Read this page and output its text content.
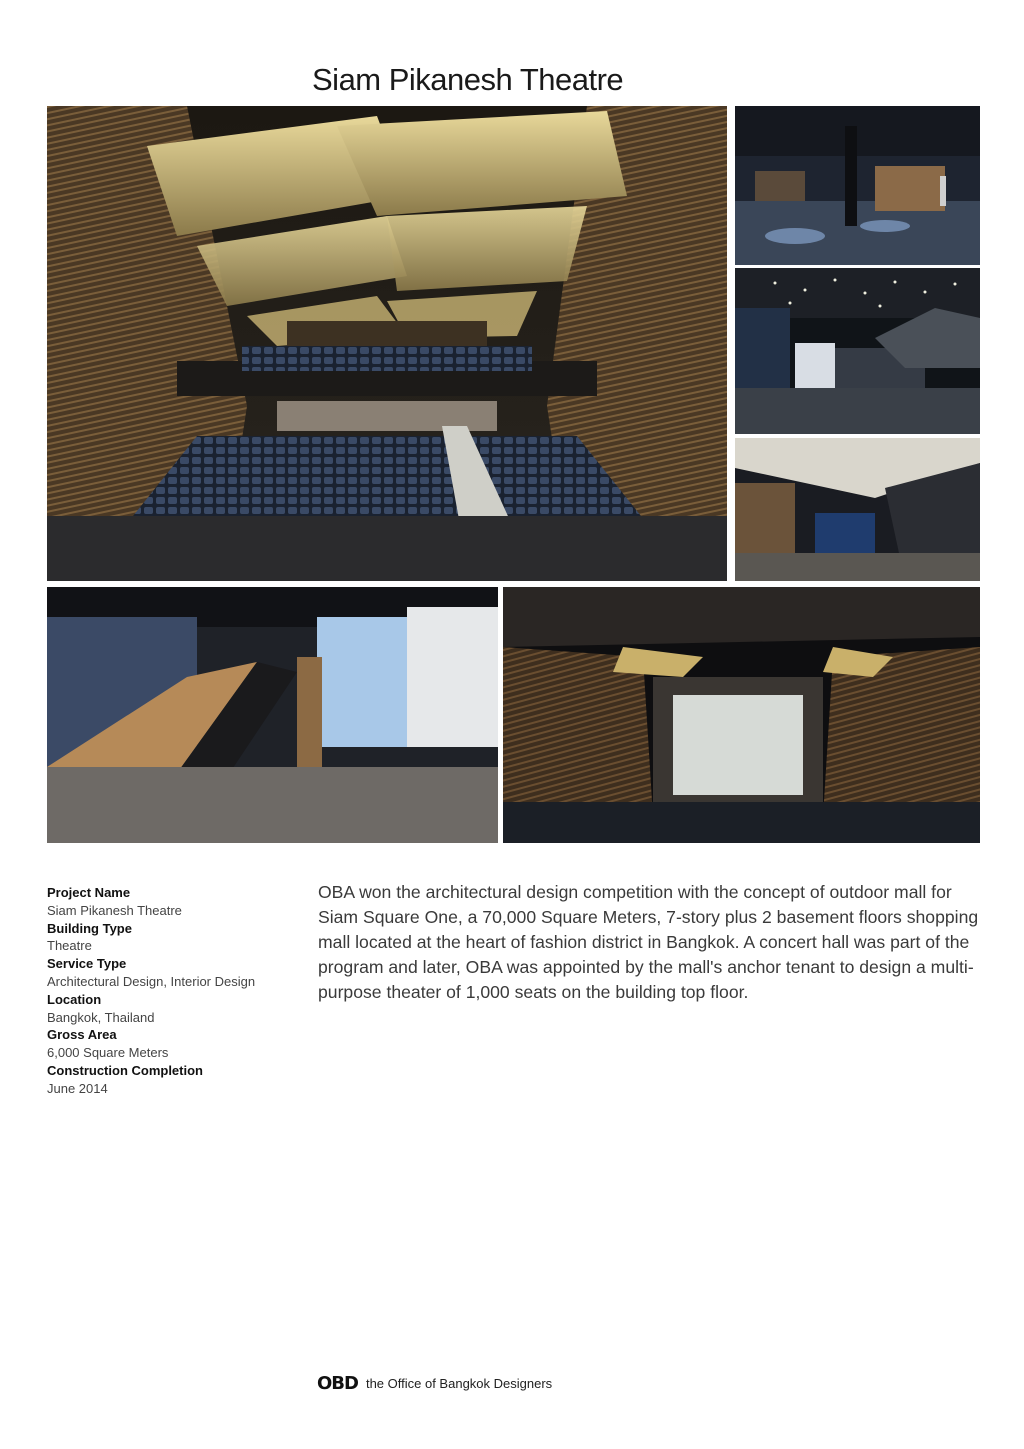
Siam Pikanesh Theatre
Project Name
Siam Pikanesh Theatre
Building Type
Theatre
Service Type
Architectural Design, Interior Design
Location
Bangkok, Thailand
Gross Area
6,000 Square Meters
Construction Completion
June 2014

OBA won the architectural design competition with the concept of outdoor mall for Siam Square One, a 70,000 Square Meters, 7-story plus 2 basement floors shopping mall located at the heart of fashion district in Bangkok. A concert hall was part of the program and later, OBA was appointed by the mall's anchor tenant to design a multi-purpose theater of 1,000 seats on the building top floor.

OBD the Office of Bangkok Designers
